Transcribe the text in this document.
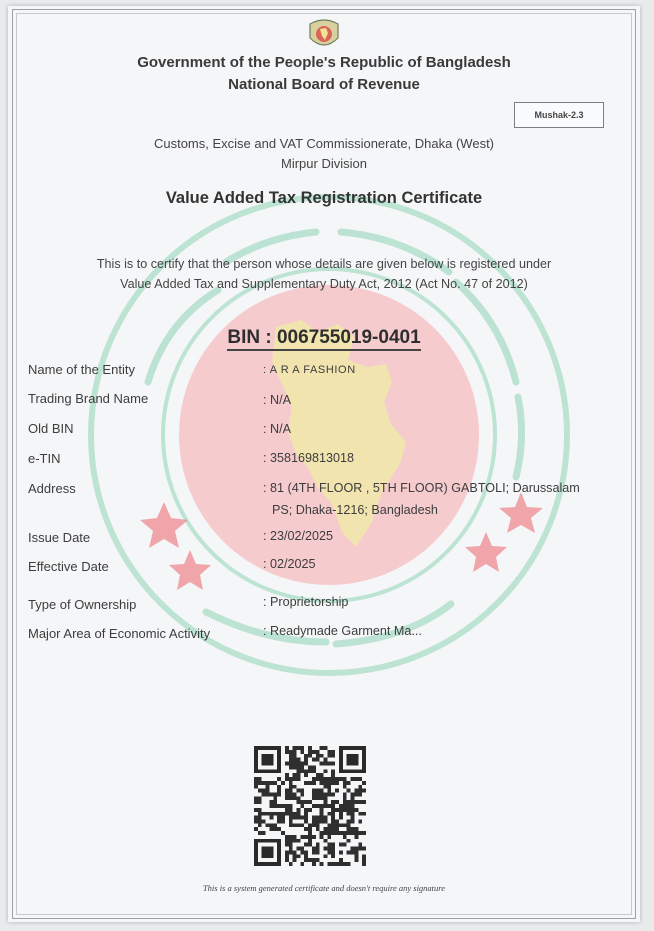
Government of the People's Republic of Bangladesh
National Board of Revenue
Mushak-2.3
Customs, Excise and VAT Commissionerate, Dhaka (West)
Mirpur Division
Value Added Tax Registration Certificate
This is to certify that the person whose details are given below is registered under
Value Added Tax and Supplementary Duty Act, 2012 (Act No. 47 of 2012)
BIN : 006755019-0401
Name of the Entity	: A R A FASHION
Trading Brand Name	: N/A
Old BIN	: N/A
e-TIN	: 358169813018
Address	: 81 (4TH FLOOR , 5TH FLOOR) GABTOLI; Darussalam
PS; Dhaka-1216; Bangladesh
Issue Date	: 23/02/2025
Effective Date	: 02/2025
Type of Ownership	: Proprietorship
Major Area of Economic Activity	: Readymade Garment Ma...
This is a system generated certificate and doesn't require any signature
